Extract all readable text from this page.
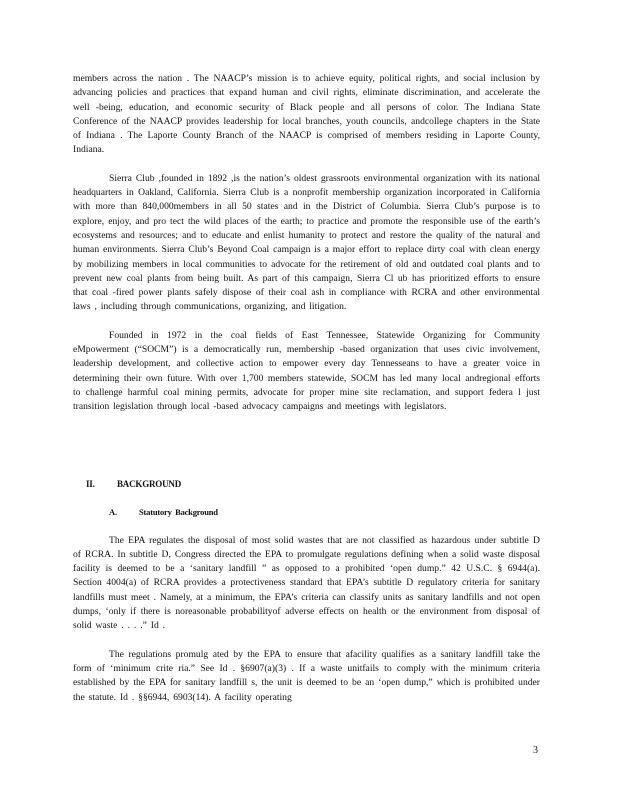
members across the nation . The NAACP’s mission is to achieve equity, political rights, and social inclusion by advancing policies and practices that expand human and civil rights, eliminate discrimination, and accelerate the well -being, education, and economic security of Black people and all persons of color. The Indiana State Conference of the NAACP provides leadership for local branches, youth councils, andcollege chapters in the State of Indiana . The Laporte County Branch of the NAACP is comprised of members residing in Laporte County, Indiana.

Sierra Club ,founded in 1892 ,is the nation’s oldest grassroots environmental organization with its national headquarters in Oakland, California. Sierra Club is a nonprofit membership organization incorporated in California with more than 840,000members in all 50 states and in the District of Columbia. Sierra Club’s purpose is to explore, enjoy, and pro tect the wild places of the earth; to practice and promote the responsible use of the earth’s ecosystems and resources; and to educate and enlist humanity to protect and restore the quality of the natural and human environments. Sierra Club’s Beyond Coal campaign is a major effort to replace dirty coal with clean energy by mobilizing members in local communities to advocate for the retirement of old and outdated coal plants and to prevent new coal plants from being built. As part of this campaign, Sierra Cl ub has prioritized efforts to ensure that coal -fired power plants safely dispose of their coal ash in compliance with RCRA and other environmental laws , including through communications, organizing, and litigation.

Founded in 1972 in the coal fields of East Tennessee, Statewide Organizing for Community eMpowerment (“SOCM”) is a democratically run, membership -based organization that uses civic involvement, leadership development, and collective action to empower every day Tennesseans to have a greater voice in determining their own future. With over 1,700 members statewide, SOCM has led many local andregional efforts to challenge harmful coal mining permits, advocate for proper mine site reclamation, and support federa l just transition legislation through local -based advocacy campaigns and meetings with legislators.

II. BACKGROUND

A.	Statutory Background

The EPA regulates the disposal of most solid wastes that are not classified as hazardous under subtitle D of RCRA. In subtitle D, Congress directed the EPA to promulgate regulations defining when a solid waste disposal facility is deemed to be a ‘sanitary landfill ” as opposed to a prohibited ‘open dump.” 42 U.S.C. § 6944(a). Section 4004(a) of RCRA provides a protectiveness standard that EPA’s subtitle D regulatory criteria for sanitary landfills must meet . Namely, at a minimum, the EPA’s criteria can classify units as sanitary landfills and not open dumps, ‘only if there is noreasonable probabilityof adverse effects on health or the environment from disposal of solid waste . . . .” Id .

The regulations promulg ated by the EPA to ensure that afacility qualifies as a sanitary landfill take the form of ‘minimum crite ria.” See Id . §6907(a)(3) . If a waste unitfails to comply with the minimum criteria established by the EPA for sanitary landfill s, the unit is deemed to be an ‘open dump,” which is prohibited under the statute. Id . §§6944, 6903(14). A facility operating

3
